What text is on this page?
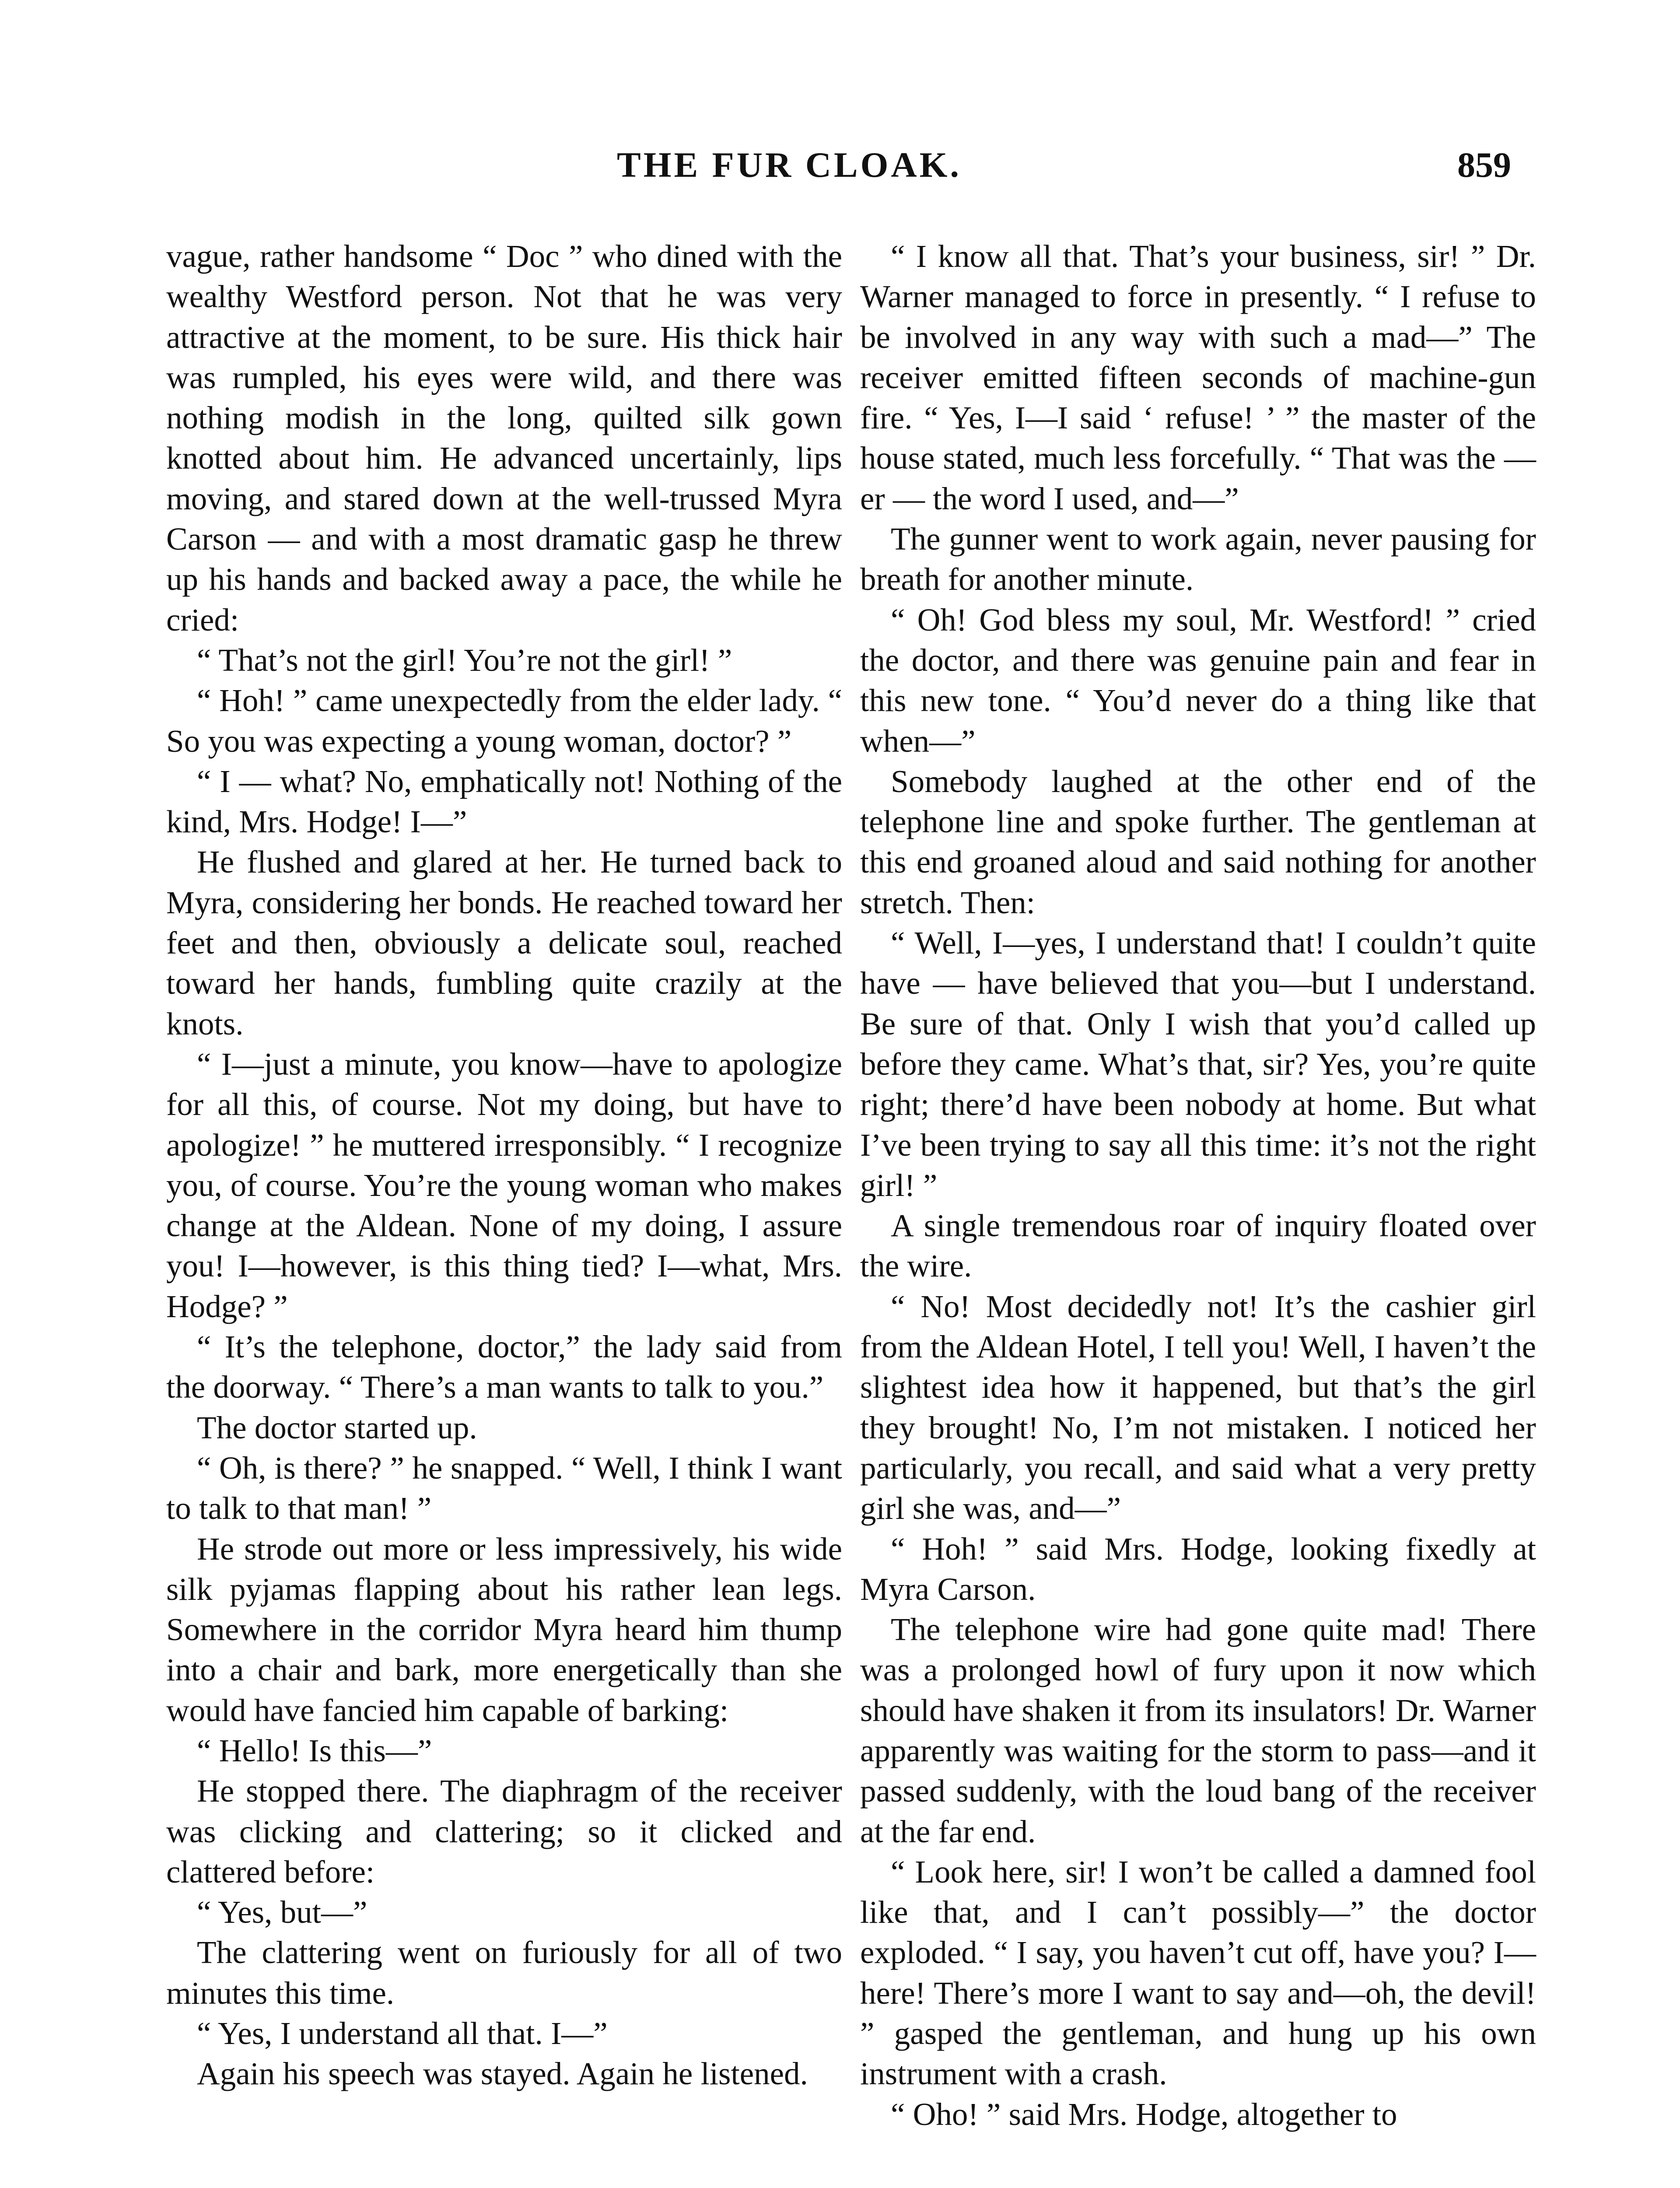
THE FUR CLOAK.	859

vague, rather handsome “ Doc ” who dined with the wealthy Westford person. Not that he was very attractive at the moment, to be sure. His thick hair was rumpled, his eyes were wild, and there was nothing modish in the long, quilted silk gown knotted about him. He advanced uncertainly, lips moving, and stared down at the well-trussed Myra Carson — and with a most dramatic gasp he threw up his hands and backed away a pace, the while he cried:

“ That’s not the girl! You’re not the girl! ”

“ Hoh! ” came unexpectedly from the elder lady. “ So you was expecting a young woman, doctor? ”

“ I — what? No, emphatically not! Nothing of the kind, Mrs. Hodge! I—”

He flushed and glared at her. He turned back to Myra, considering her bonds. He reached toward her feet and then, obviously a delicate soul, reached toward her hands, fumbling quite crazily at the knots.

“ I—just a minute, you know—have to apologize for all this, of course. Not my doing, but have to apologize! ” he muttered irresponsibly. “ I recognize you, of course. You’re the young woman who makes change at the Aldean. None of my doing, I assure you! I—however, is this thing tied? I—what, Mrs. Hodge? ”

“ It’s the telephone, doctor,” the lady said from the doorway. “ There’s a man wants to talk to you.”

The doctor started up.

“ Oh, is there? ” he snapped. “ Well, I think I want to talk to that man! ”

He strode out more or less impressively, his wide silk pyjamas flapping about his rather lean legs. Somewhere in the corridor Myra heard him thump into a chair and bark, more energetically than she would have fancied him capable of barking:

“ Hello! Is this—”

He stopped there. The diaphragm of the receiver was clicking and clattering; so it clicked and clattered before:

“ Yes, but—”

The clattering went on furiously for all of two minutes this time.

“ Yes, I understand all that. I—”

Again his speech was stayed. Again he listened.

“ I know all that. That’s your business, sir! ” Dr. Warner managed to force in presently. “ I refuse to be involved in any way with such a mad—” The receiver emitted fifteen seconds of machine-gun fire. “ Yes, I—I said ‘ refuse! ’ ” the master of the house stated, much less forcefully. “ That was the — er — the word I used, and—”

The gunner went to work again, never pausing for breath for another minute.

“ Oh! God bless my soul, Mr. Westford! ” cried the doctor, and there was genuine pain and fear in this new tone. “ You’d never do a thing like that when—”

Somebody laughed at the other end of the telephone line and spoke further. The gentleman at this end groaned aloud and said nothing for another stretch. Then:

“ Well, I—yes, I understand that! I couldn’t quite have — have believed that you—but I understand. Be sure of that. Only I wish that you’d called up before they came. What’s that, sir? Yes, you’re quite right; there’d have been nobody at home. But what I’ve been trying to say all this time: it’s not the right girl! ”

A single tremendous roar of inquiry floated over the wire.

“ No! Most decidedly not! It’s the cashier girl from the Aldean Hotel, I tell you! Well, I haven’t the slightest idea how it happened, but that’s the girl they brought! No, I’m not mistaken. I noticed her particularly, you recall, and said what a very pretty girl she was, and—”

“ Hoh! ” said Mrs. Hodge, looking fixedly at Myra Carson.

The telephone wire had gone quite mad! There was a prolonged howl of fury upon it now which should have shaken it from its insulators! Dr. Warner apparently was waiting for the storm to pass—and it passed suddenly, with the loud bang of the receiver at the far end.

“ Look here, sir! I won’t be called a damned fool like that, and I can’t possibly—” the doctor exploded. “ I say, you haven’t cut off, have you? I—here! There’s more I want to say and—oh, the devil! ” gasped the gentleman, and hung up his own instrument with a crash.

“ Oho! ” said Mrs. Hodge, altogether to
